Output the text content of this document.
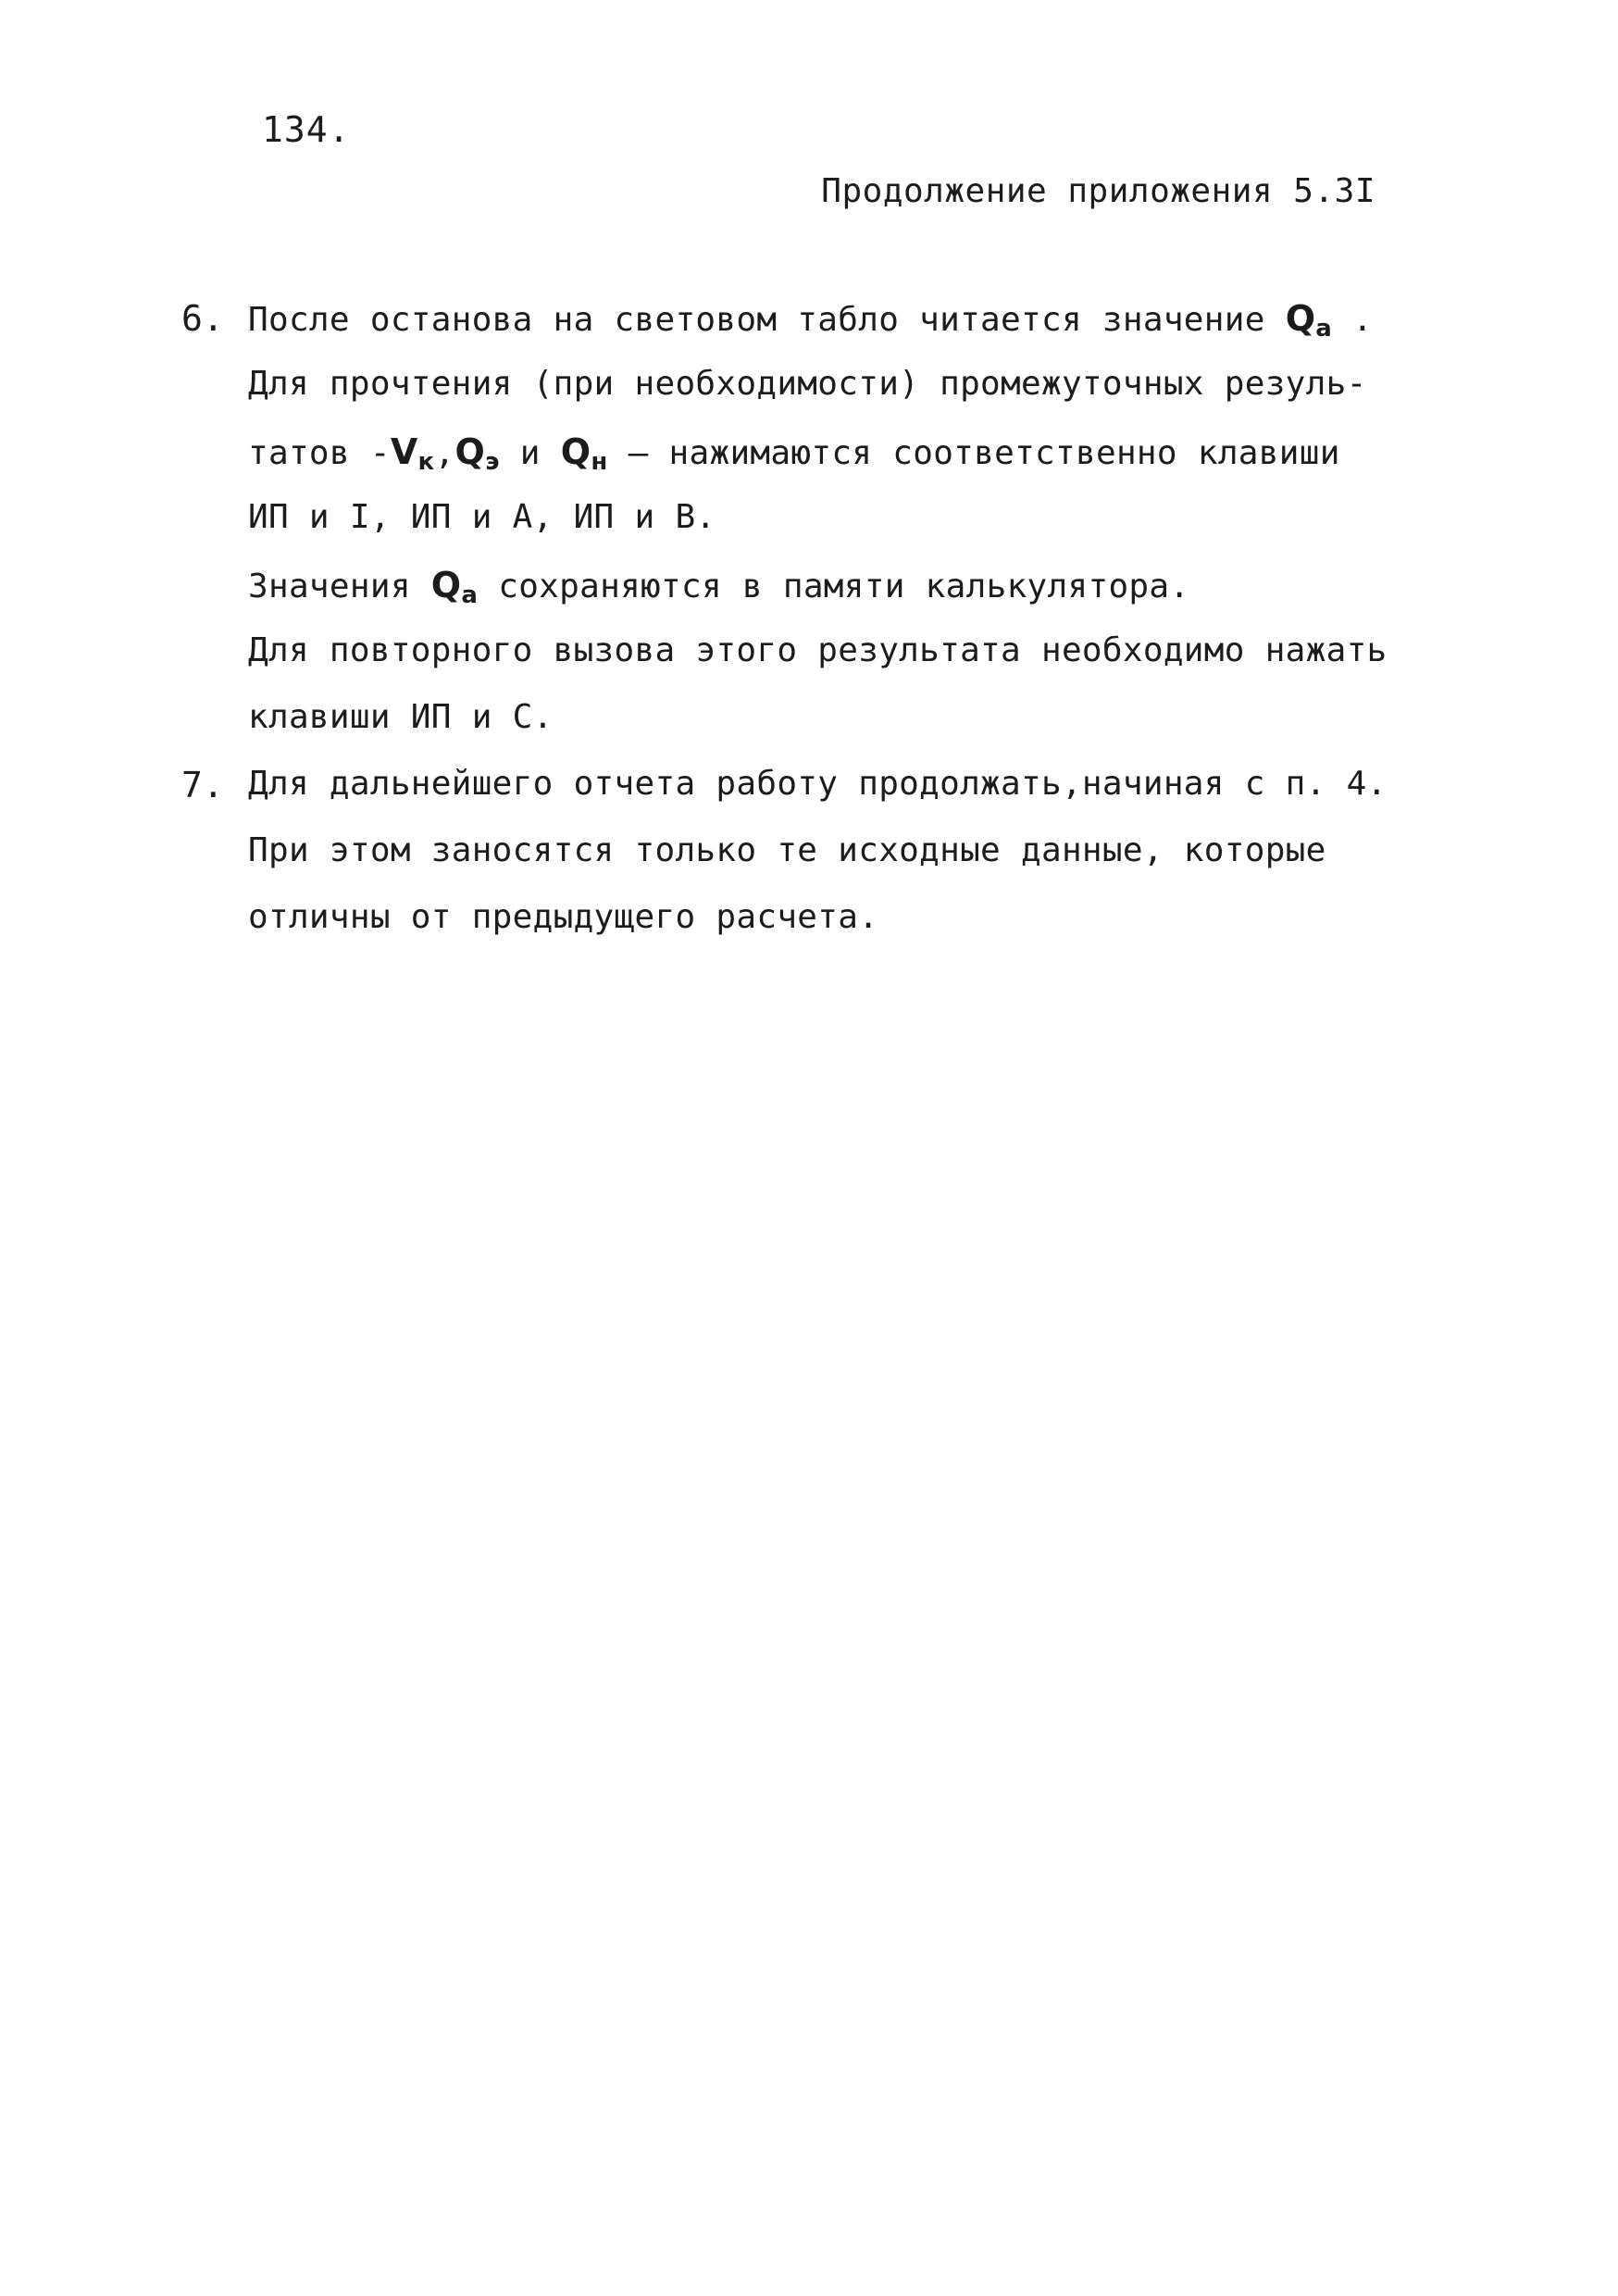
134.
Продолжение приложения 5.3I
6. После останова на световом табло читается значение $Q_a$ .
Для прочтения (при необходимости) промежуточных резуль-
татов $-V_к,Q_э$ и $Q_н$ – нажимаются соответственно клавиши
ИП и I, ИП и А, ИП и В.
Значения $Q_a$ сохраняются в памяти калькулятора.
Для повторного вызова этого результата необходимо нажать
клавиши ИП и С.
7. Для дальнейшего отчета работу продолжать,начиная с п. 4.
При этом заносятся только те исходные данные, которые
отличны от предыдущего расчета.
